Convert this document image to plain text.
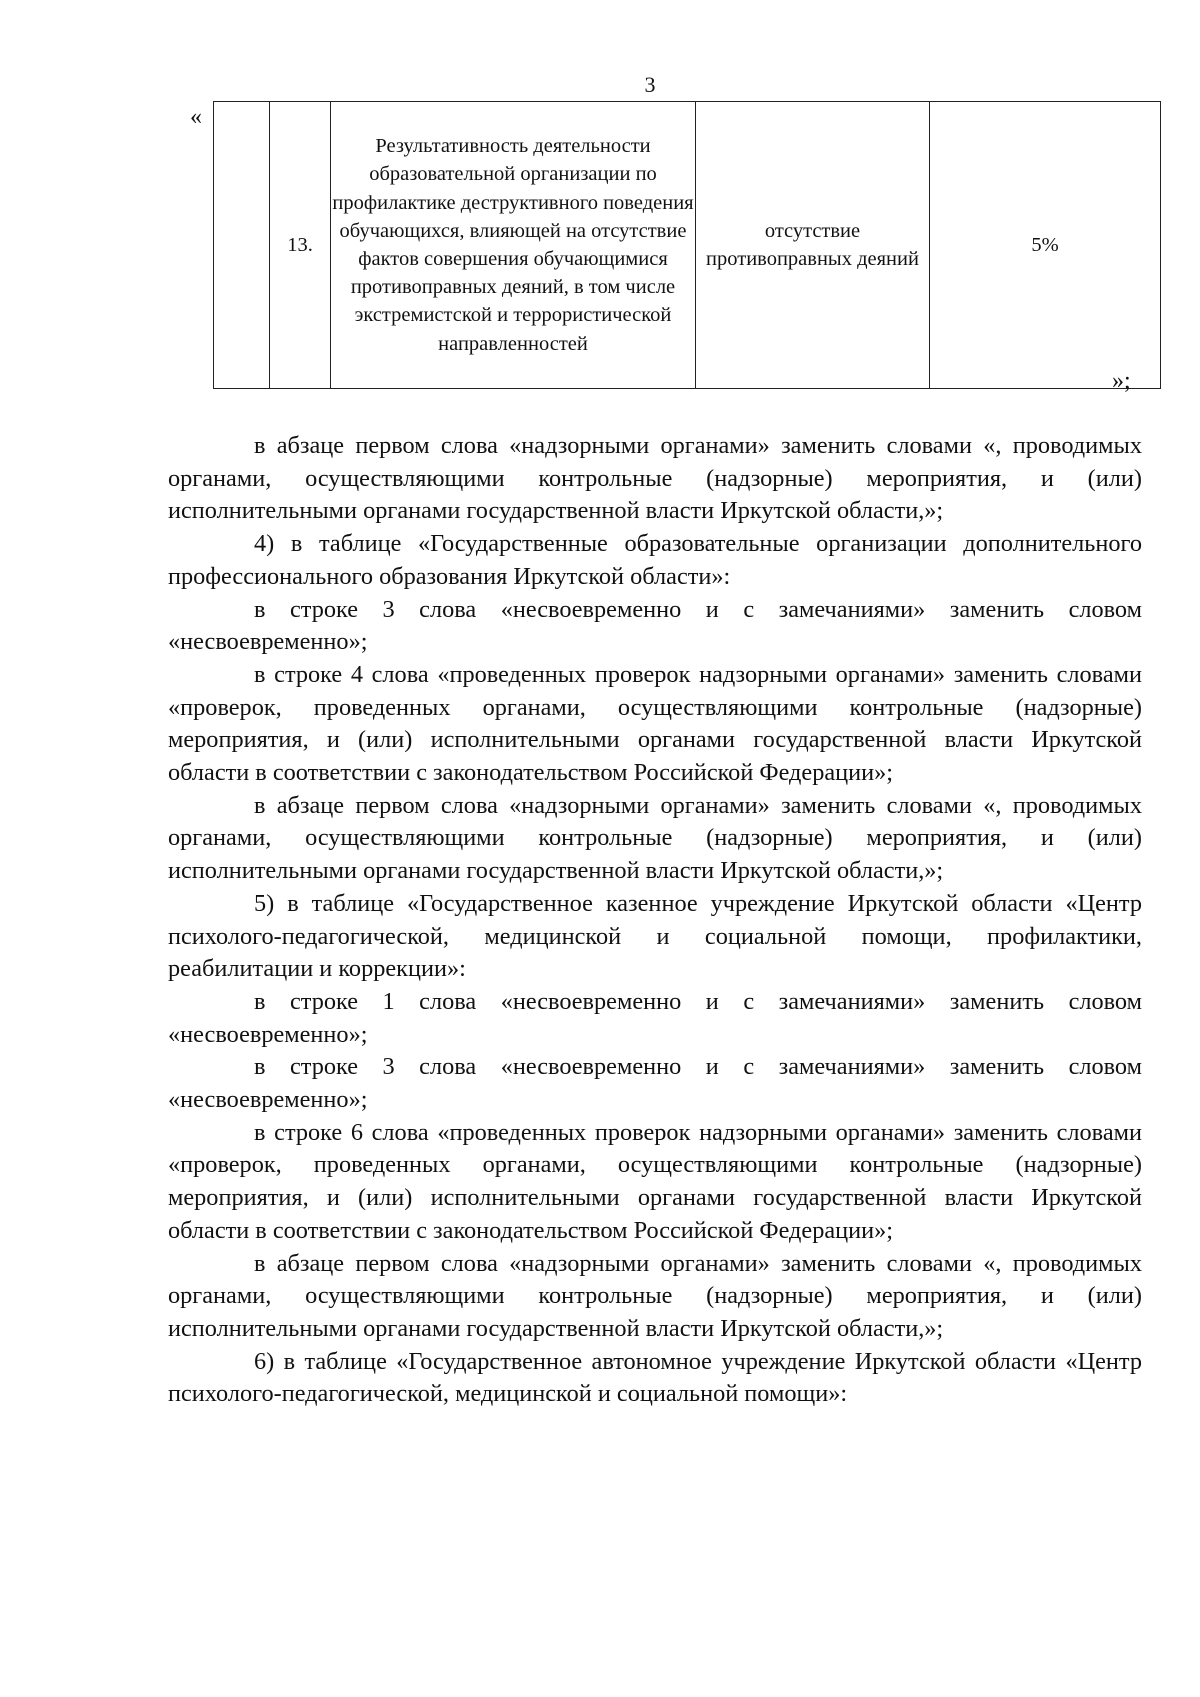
3
«
	13.	Результативность деятельности образовательной организации по профилактике деструктивного поведения обучающихся, влияющей на отсутствие фактов совершения обучающимися противоправных деяний, в том числе экстремистской и террористической направленностей	отсутствие противоправных деяний	5%
»;

в абзаце первом слова «надзорными органами» заменить словами «, проводимых органами, осуществляющими контрольные (надзорные) мероприятия, и (или) исполнительными органами государственной власти Иркутской области,»;

4) в таблице «Государственные образовательные организации дополнительного профессионального образования Иркутской области»:

в строке 3 слова «несвоевременно и с замечаниями» заменить словом «несвоевременно»;

в строке 4 слова «проведенных проверок надзорными органами» заменить словами «проверок, проведенных органами, осуществляющими контрольные (надзорные) мероприятия, и (или) исполнительными органами государственной власти Иркутской области в соответствии с законодательством Российской Федерации»;

в абзаце первом слова «надзорными органами» заменить словами «, проводимых органами, осуществляющими контрольные (надзорные) мероприятия, и (или) исполнительными органами государственной власти Иркутской области,»;

5) в таблице «Государственное казенное учреждение Иркутской области «Центр психолого-педагогической, медицинской и социальной помощи, профилактики, реабилитации и коррекции»:

в строке 1 слова «несвоевременно и с замечаниями» заменить словом «несвоевременно»;

в строке 3 слова «несвоевременно и с замечаниями» заменить словом «несвоевременно»;

в строке 6 слова «проведенных проверок надзорными органами» заменить словами «проверок, проведенных органами, осуществляющими контрольные (надзорные) мероприятия, и (или) исполнительными органами государственной власти Иркутской области в соответствии с законодательством Российской Федерации»;

в абзаце первом слова «надзорными органами» заменить словами «, проводимых органами, осуществляющими контрольные (надзорные) мероприятия, и (или) исполнительными органами государственной власти Иркутской области,»;

6) в таблице «Государственное автономное учреждение Иркутской области «Центр психолого-педагогической, медицинской и социальной помощи»:
